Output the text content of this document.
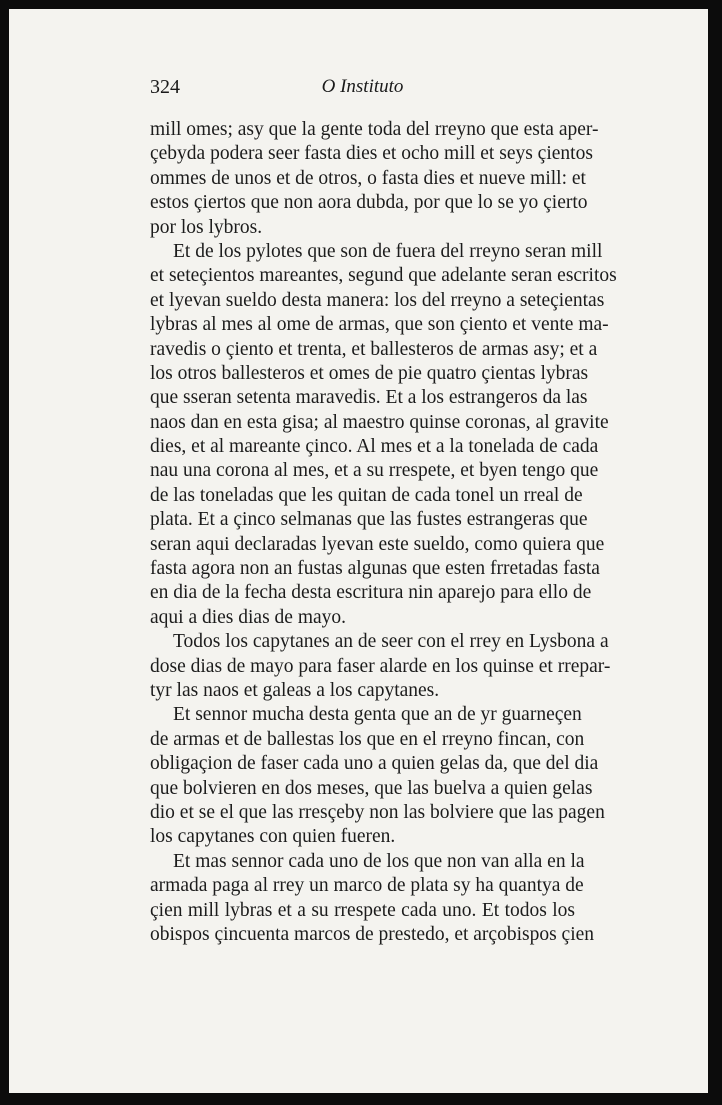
324	O Instituto
mill omes; asy que la gente toda del rreyno que esta aper-
çebyda podera seer fasta dies et ocho mill et seys çientos
ommes de unos et de otros, o fasta dies et nueve mill: et
estos çiertos que non aora dubda, por que lo se yo çierto
por los lybros.
Et de los pylotes que son de fuera del rreyno seran mill
et seteçientos mareantes, segund que adelante seran escritos
et lyevan sueldo desta manera: los del rreyno a seteçientas
lybras al mes al ome de armas, que son çiento et vente ma-
ravedis o çiento et trenta, et ballesteros de armas asy; et a
los otros ballesteros et omes de pie quatro çientas lybras
que sseran setenta maravedis. Et a los estrangeros da las
naos dan en esta gisa; al maestro quinse coronas, al gravite
dies, et al mareante çinco. Al mes et a la tonelada de cada
nau una corona al mes, et a su rrespete, et byen tengo que
de las toneladas que les quitan de cada tonel un rreal de
plata. Et a çinco selmanas que las fustes estrangeras que
seran aqui declaradas lyevan este sueldo, como quiera que
fasta agora non an fustas algunas que esten frretadas fasta
en dia de la fecha desta escritura nin aparejo para ello de
aqui a dies dias de mayo.
Todos los capytanes an de seer con el rrey en Lysbona a
dose dias de mayo para faser alarde en los quinse et rrepar-
tyr las naos et galeas a los capytanes.
Et sennor mucha desta genta que an de yr guarneçen
de armas et de ballestas los que en el rreyno fincan, con
obligaçion de faser cada uno a quien gelas da, que del dia
que bolvieren en dos meses, que las buelva a quien gelas
dio et se el que las rresçeby non las bolviere que las pagen
los capytanes con quien fueren.
Et mas sennor cada uno de los que non van alla en la
armada paga al rrey un marco de plata sy ha quantya de
çien mill lybras et a su rrespete cada uno. Et todos los
obispos çincuenta marcos de prestedo, et arçobispos çien
